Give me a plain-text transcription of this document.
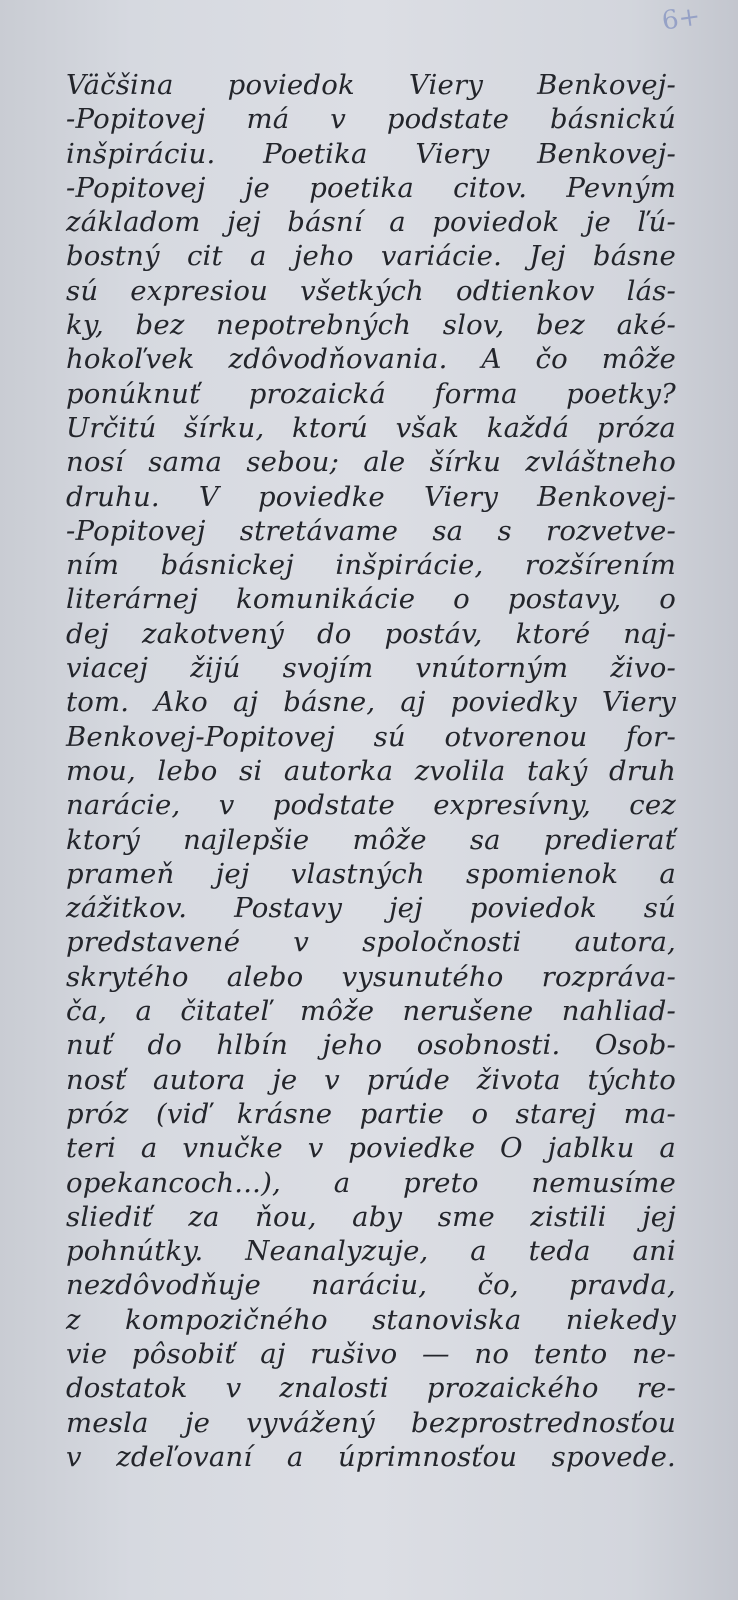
6+
Väčšina poviedok Viery Benkovej-
-Popitovej má v podstate básnickú
inšpiráciu. Poetika Viery Benkovej-
-Popitovej je poetika citov. Pevným
základom jej básní a poviedok je ľú-
bostný cit a jeho variácie. Jej básne
sú expresiou všetkých odtienkov lás-
ky, bez nepotrebných slov, bez aké-
hokoľvek zdôvodňovania. A čo môže
ponúknuť prozaická forma poetky?
Určitú šírku, ktorú však každá próza
nosí sama sebou; ale šírku zvláštneho
druhu. V poviedke Viery Benkovej-
-Popitovej stretávame sa s rozvetve-
ním básnickej inšpirácie, rozšírením
literárnej komunikácie o postavy, o
dej zakotvený do postáv, ktoré naj-
viacej žijú svojím vnútorným živo-
tom. Ako aj básne, aj poviedky Viery
Benkovej-Popitovej sú otvorenou for-
mou, lebo si autorka zvolila taký druh
narácie, v podstate expresívny, cez
ktorý najlepšie môže sa predierať
prameň jej vlastných spomienok a
zážitkov. Postavy jej poviedok sú
predstavené v spoločnosti autora,
skrytého alebo vysunutého rozpráva-
ča, a čitateľ môže nerušene nahliad-
nuť do hlbín jeho osobnosti. Osob-
nosť autora je v prúde života týchto
próz (viď krásne partie o starej ma-
teri a vnučke v poviedke O jablku a
opekancoch...), a preto nemusíme
sliediť za ňou, aby sme zistili jej
pohnútky. Neanalyzuje, a teda ani
nezdôvodňuje naráciu, čo, pravda,
z kompozičného stanoviska niekedy
vie pôsobiť aj rušivo — no tento ne-
dostatok v znalosti prozaického re-
mesla je vyvážený bezprostrednosťou
v zdeľovaní a úprimnosťou spovede.
